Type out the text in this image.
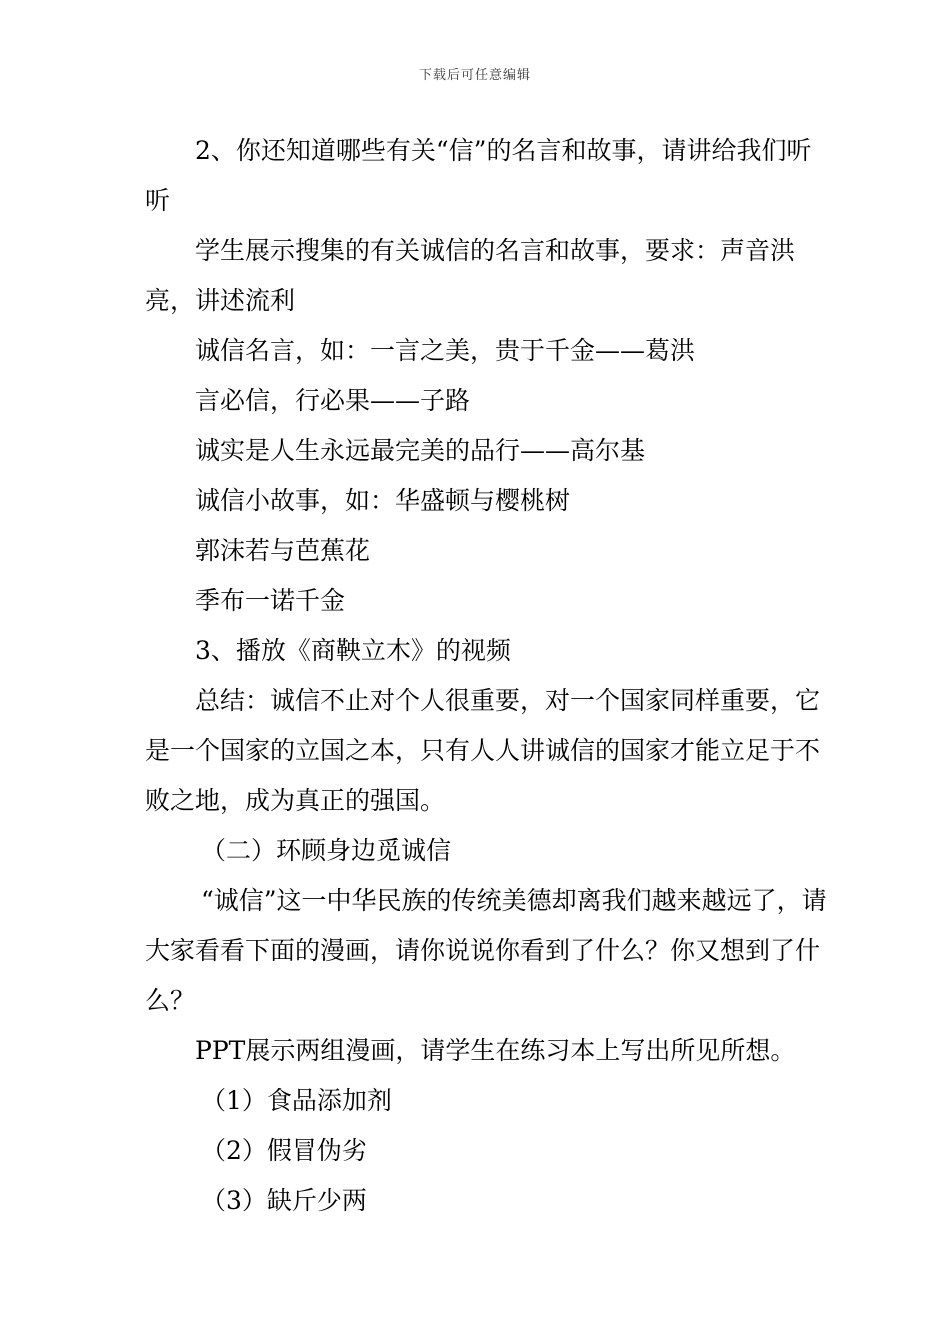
下载后可任意编辑

2、你还知道哪些有关“信”的名言和故事，请讲给我们听听

学生展示搜集的有关诚信的名言和故事，要求：声音洪亮，讲述流利

诚信名言，如：一言之美，贵于千金——葛洪

言必信，行必果——子路

诚实是人生永远最完美的品行——高尔基

诚信小故事，如：华盛顿与樱桃树

郭沫若与芭蕉花

季布一诺千金

3、播放《商鞅立木》的视频

总结：诚信不止对个人很重要，对一个国家同样重要，它是一个国家的立国之本，只有人人讲诚信的国家才能立足于不败之地，成为真正的强国。

（二）环顾身边觅诚信

“诚信”这一中华民族的传统美德却离我们越来越远了，请大家看看下面的漫画，请你说说你看到了什么？你又想到了什么？

PPT展示两组漫画，请学生在练习本上写出所见所想。

（1）食品添加剂

（2）假冒伪劣

（3）缺斤少两
